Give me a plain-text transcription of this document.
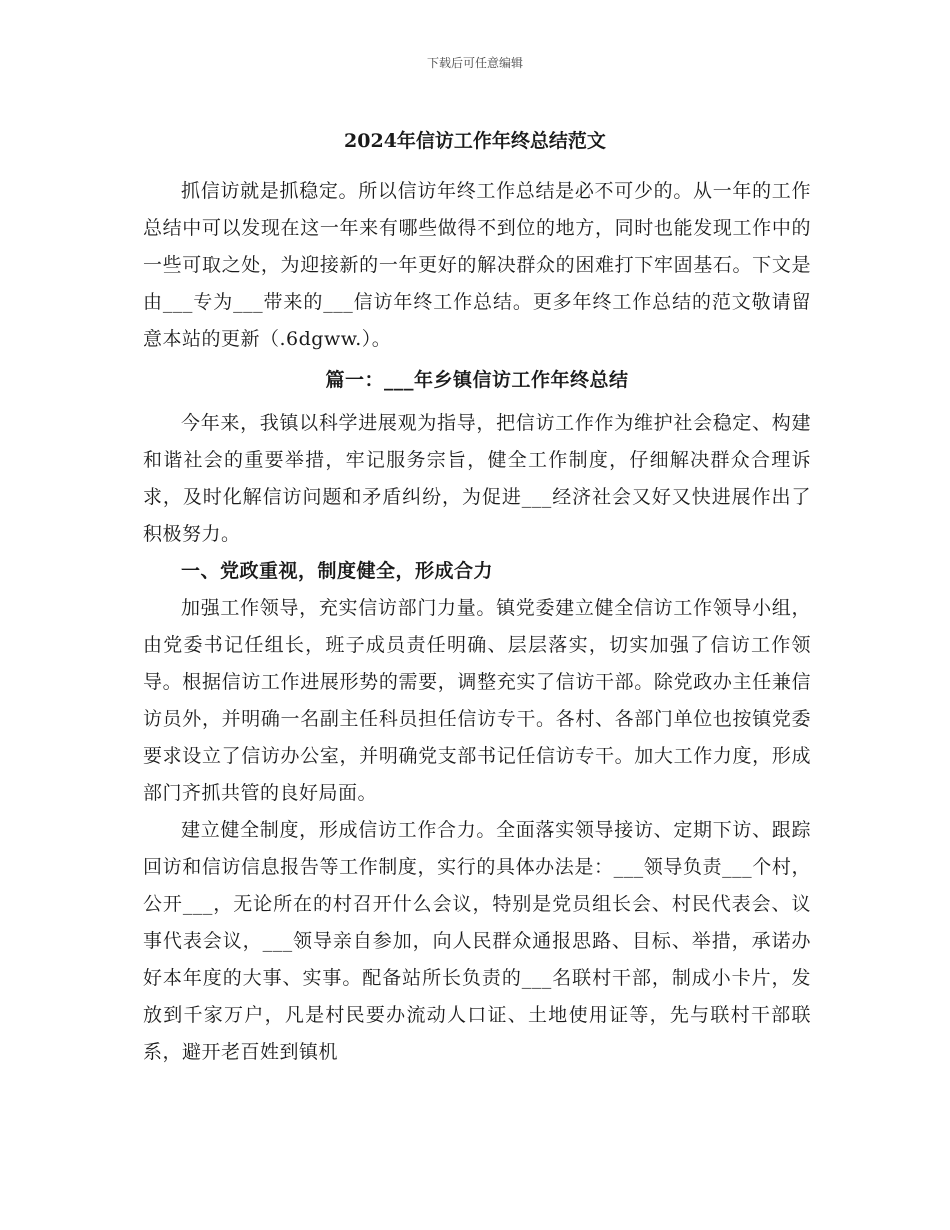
下载后可任意编辑
2024年信访工作年终总结范文

抓信访就是抓稳定。所以信访年终工作总结是必不可少的。从一年的工作总结中可以发现在这一年来有哪些做得不到位的地方，同时也能发现工作中的一些可取之处，为迎接新的一年更好的解决群众的困难打下牢固基石。下文是由___专为___带来的___信访年终工作总结。更多年终工作总结的范文敬请留意本站的更新（.6dgww.）。

篇一：___年乡镇信访工作年终总结

今年来，我镇以科学进展观为指导，把信访工作作为维护社会稳定、构建和谐社会的重要举措，牢记服务宗旨，健全工作制度，仔细解决群众合理诉求，及时化解信访问题和矛盾纠纷，为促进___经济社会又好又快进展作出了积极努力。

一、党政重视，制度健全，形成合力

加强工作领导，充实信访部门力量。镇党委建立健全信访工作领导小组，由党委书记任组长，班子成员责任明确、层层落实，切实加强了信访工作领导。根据信访工作进展形势的需要，调整充实了信访干部。除党政办主任兼信访员外，并明确一名副主任科员担任信访专干。各村、各部门单位也按镇党委要求设立了信访办公室，并明确党支部书记任信访专干。加大工作力度，形成部门齐抓共管的良好局面。

建立健全制度，形成信访工作合力。全面落实领导接访、定期下访、跟踪回访和信访信息报告等工作制度，实行的具体办法是：___领导负责___个村，公开___，无论所在的村召开什么会议，特别是党员组长会、村民代表会、议事代表会议，___领导亲自参加，向人民群众通报思路、目标、举措，承诺办好本年度的大事、实事。配备站所长负责的___名联村干部，制成小卡片，发放到千家万户，凡是村民要办流动人口证、土地使用证等，先与联村干部联系，避开老百姓到镇机
